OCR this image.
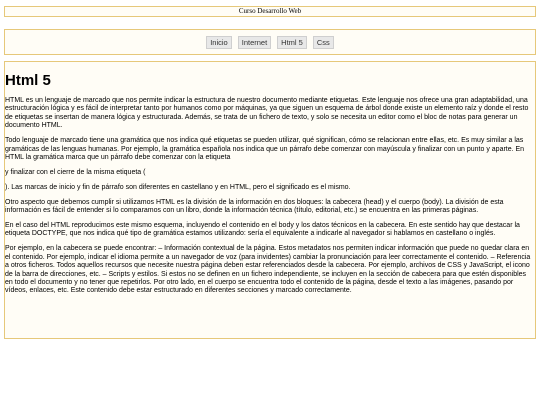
Curso Desarrollo Web
Inicio	Internet	Html 5	Css
Html 5

HTML es un lenguaje de marcado que nos permite indicar la estructura de nuestro documento mediante etiquetas. Este lenguaje nos ofrece una gran adaptabilidad, una estructuración lógica y es fácil de interpretar tanto por humanos como por máquinas, ya que siguen un esquema de árbol donde existe un elemento raíz y donde el resto de etiquetas se insertan de manera lógica y estructurada. Además, se trata de un fichero de texto, y solo se necesita un editor como el bloc de notas para generar un documento HTML.

Todo lenguaje de marcado tiene una gramática que nos indica qué etiquetas se pueden utilizar, qué significan, cómo se relacionan entre ellas, etc. Es muy similar a las gramáticas de las lenguas humanas. Por ejemplo, la gramática española nos indica que un párrafo debe comenzar con mayúscula y finalizar con un punto y aparte. En HTML la gramática marca que un párrafo debe comenzar con la etiqueta

y finalizar con el cierre de la misma etiqueta (

). Las marcas de inicio y fin de párrafo son diferentes en castellano y en HTML, pero el significado es el mismo.

Otro aspecto que debemos cumplir si utilizamos HTML es la división de la información en dos bloques: la cabecera (head) y el cuerpo (body). La división de esta información es fácil de entender si lo comparamos con un libro, donde la información técnica (título, editorial, etc.) se encuentra en las primeras páginas.

En el caso del HTML reproducimos este mismo esquema, incluyendo el contenido en el body y los datos técnicos en la cabecera. En este sentido hay que destacar la etiqueta DOCTYPE, que nos indica qué tipo de gramática estamos utilizando: sería el equivalente a indicarle al navegador si hablamos en castellano o inglés.

Por ejemplo, en la cabecera se puede encontrar: – Información contextual de la página. Estos metadatos nos permiten indicar información que puede no quedar clara en el contenido. Por ejemplo, indicar el idioma permite a un navegador de voz (para invidentes) cambiar la pronunciación para leer correctamente el contenido. – Referencia a otros ficheros. Todos aquellos recursos que necesite nuestra página deben estar referenciados desde la cabecera. Por ejemplo, archivos de CSS y JavaScript, el icono de la barra de direcciones, etc. – Scripts y estilos. Si estos no se definen en un fichero independiente, se incluyen en la sección de cabecera para que estén disponibles en todo el documento y no tener que repetirlos. Por otro lado, en el cuerpo se encuentra todo el contenido de la página, desde el texto a las imágenes, pasando por vídeos, enlaces, etc. Este contenido debe estar estructurado en diferentes secciones y marcado correctamente.
